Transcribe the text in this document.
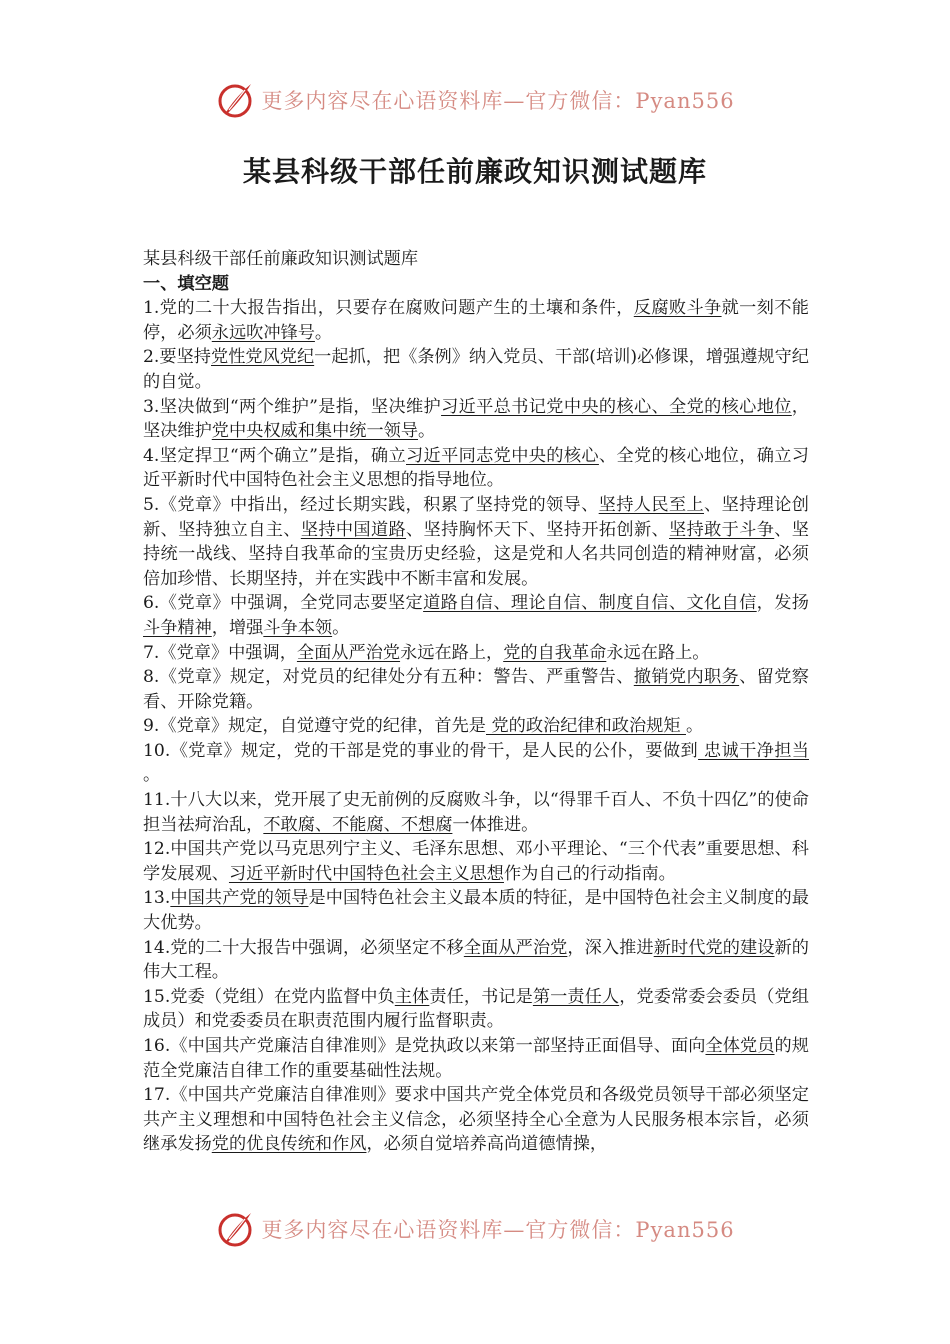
更多内容尽在心语资料库—官方微信：Pyan556
某县科级干部任前廉政知识测试题库

某县科级干部任前廉政知识测试题库

一、填空题

1.党的二十大报告指出，只要存在腐败问题产生的土壤和条件，反腐败斗争就一刻不能停，必须永远吹冲锋号。

2.要坚持党性党风党纪一起抓，把《条例》纳入党员、干部(培训)必修课，增强遵规守纪的自觉。

3.坚决做到“两个维护”是指，坚决维护习近平总书记党中央的核心、全党的核心地位，坚决维护党中央权威和集中统一领导。

4.坚定捍卫“两个确立”是指，确立习近平同志党中央的核心、全党的核心地位，确立习近平新时代中国特色社会主义思想的指导地位。

5.《党章》中指出，经过长期实践，积累了坚持党的领导、坚持人民至上、坚持理论创新、坚持独立自主、坚持中国道路、坚持胸怀天下、坚持开拓创新、坚持敢于斗争、坚持统一战线、坚持自我革命的宝贵历史经验，这是党和人名共同创造的精神财富，必须倍加珍惜、长期坚持，并在实践中不断丰富和发展。

6.《党章》中强调，全党同志要坚定道路自信、理论自信、制度自信、文化自信，发扬斗争精神，增强斗争本领。

7.《党章》中强调，全面从严治党永远在路上，党的自我革命永远在路上。

8.《党章》规定，对党员的纪律处分有五种：警告、严重警告、撤销党内职务、留党察看、开除党籍。

9.《党章》规定，自觉遵守党的纪律，首先是 党的政治纪律和政治规矩 。

10.《党章》规定，党的干部是党的事业的骨干，是人民的公仆，要做到 忠诚干净担当 。

11.十八大以来，党开展了史无前例的反腐败斗争，以“得罪千百人、不负十四亿”的使命担当祛疴治乱，不敢腐、不能腐、不想腐一体推进。

12.中国共产党以马克思列宁主义、毛泽东思想、邓小平理论、“三个代表”重要思想、科学发展观、习近平新时代中国特色社会主义思想作为自己的行动指南。

13.中国共产党的领导是中国特色社会主义最本质的特征，是中国特色社会主义制度的最大优势。

14.党的二十大报告中强调，必须坚定不移全面从严治党，深入推进新时代党的建设新的伟大工程。

15.党委（党组）在党内监督中负主体责任，书记是第一责任人，党委常委会委员（党组成员）和党委委员在职责范围内履行监督职责。

16.《中国共产党廉洁自律准则》是党执政以来第一部坚持正面倡导、面向全体党员的规范全党廉洁自律工作的重要基础性法规。

17.《中国共产党廉洁自律准则》要求中国共产党全体党员和各级党员领导干部必须坚定共产主义理想和中国特色社会主义信念，必须坚持全心全意为人民服务根本宗旨，必须继承发扬党的优良传统和作风，必须自觉培养高尚道德情操，

更多内容尽在心语资料库—官方微信：Pyan556
